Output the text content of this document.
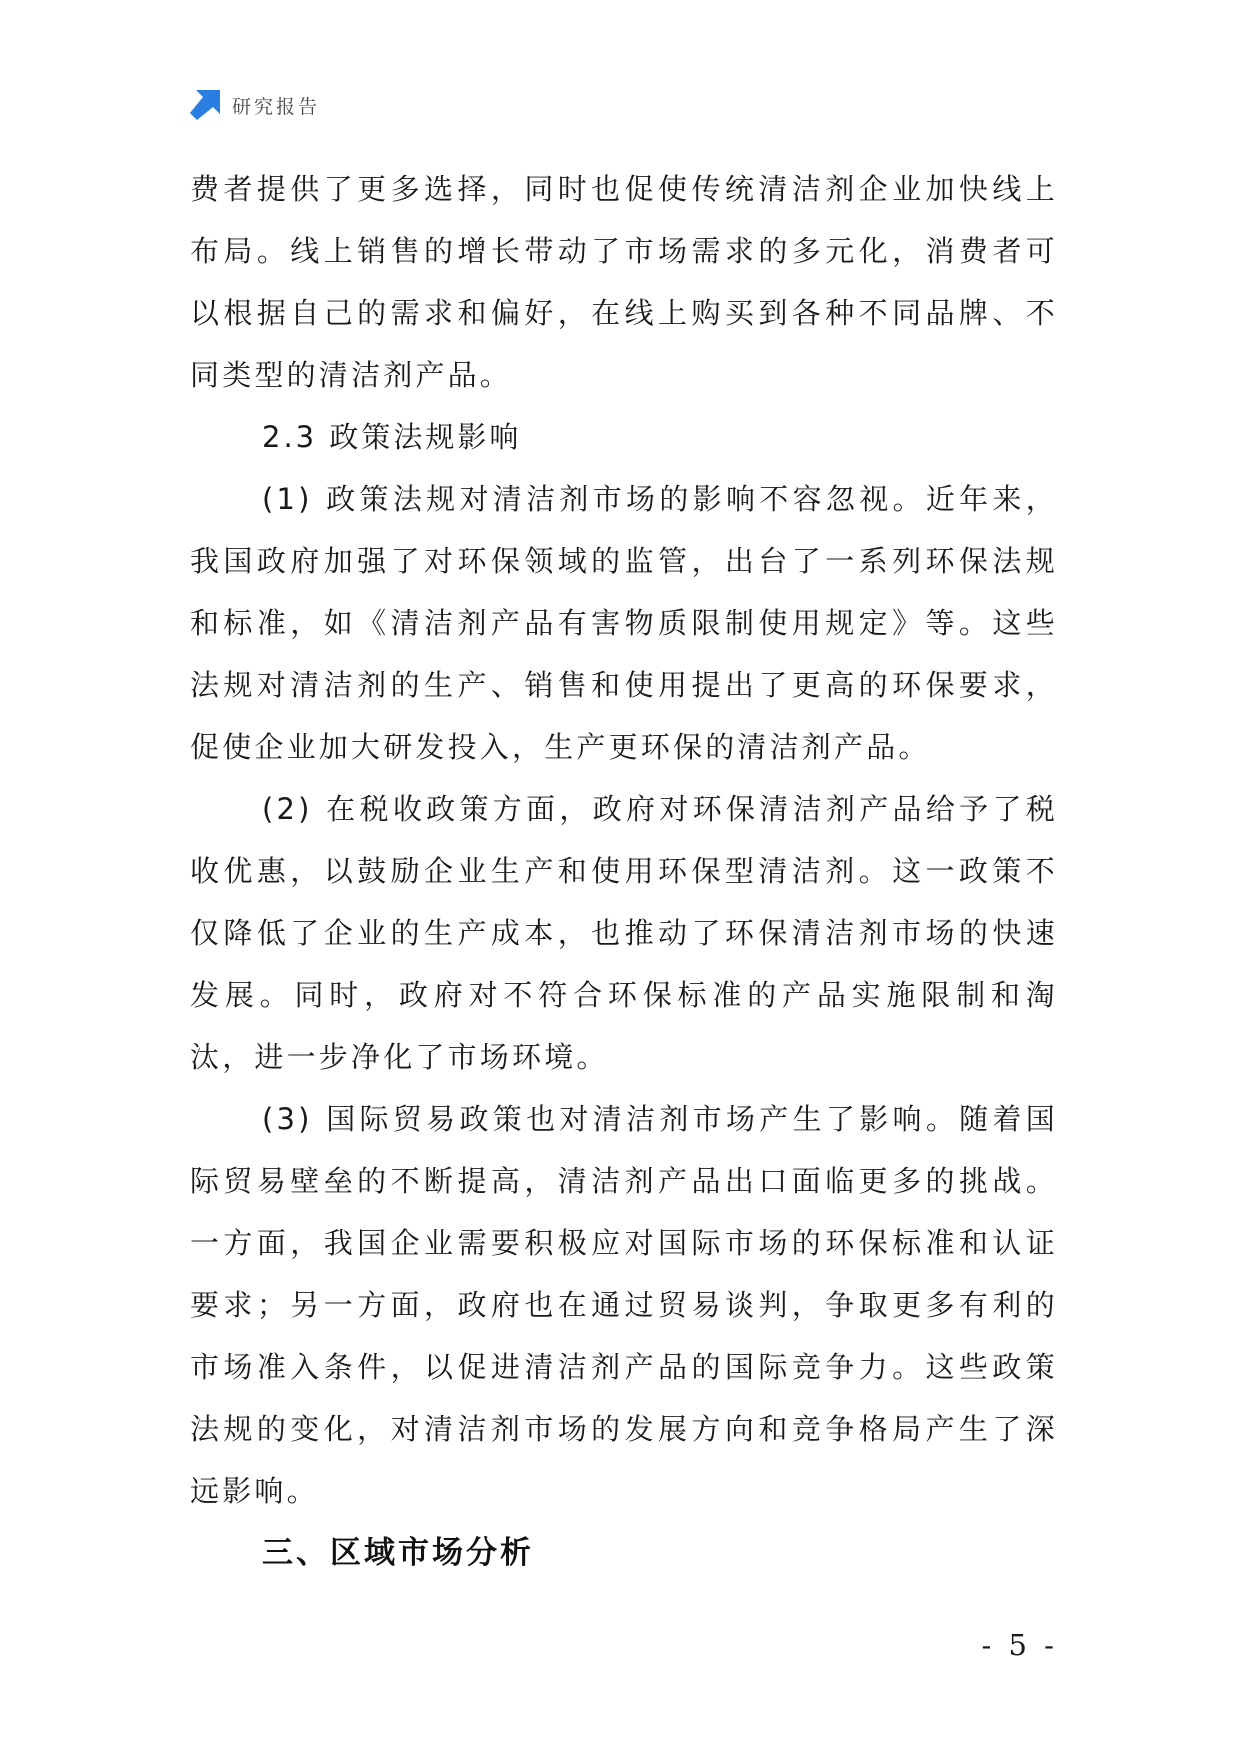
研究报告

费者提供了更多选择，同时也促使传统清洁剂企业加快线上布局。线上销售的增长带动了市场需求的多元化，消费者可以根据自己的需求和偏好，在线上购买到各种不同品牌、不同类型的清洁剂产品。

2.3 政策法规影响

(1) 政策法规对清洁剂市场的影响不容忽视。近年来，我国政府加强了对环保领域的监管，出台了一系列环保法规和标准，如《清洁剂产品有害物质限制使用规定》等。这些法规对清洁剂的生产、销售和使用提出了更高的环保要求，促使企业加大研发投入，生产更环保的清洁剂产品。

(2) 在税收政策方面，政府对环保清洁剂产品给予了税收优惠，以鼓励企业生产和使用环保型清洁剂。这一政策不仅降低了企业的生产成本，也推动了环保清洁剂市场的快速发展。同时，政府对不符合环保标准的产品实施限制和淘汰，进一步净化了市场环境。

(3) 国际贸易政策也对清洁剂市场产生了影响。随着国际贸易壁垒的不断提高，清洁剂产品出口面临更多的挑战。一方面，我国企业需要积极应对国际市场的环保标准和认证要求；另一方面，政府也在通过贸易谈判，争取更多有利的市场准入条件，以促进清洁剂产品的国际竞争力。这些政策法规的变化，对清洁剂市场的发展方向和竞争格局产生了深远影响。

三、区域市场分析

- 5 -
